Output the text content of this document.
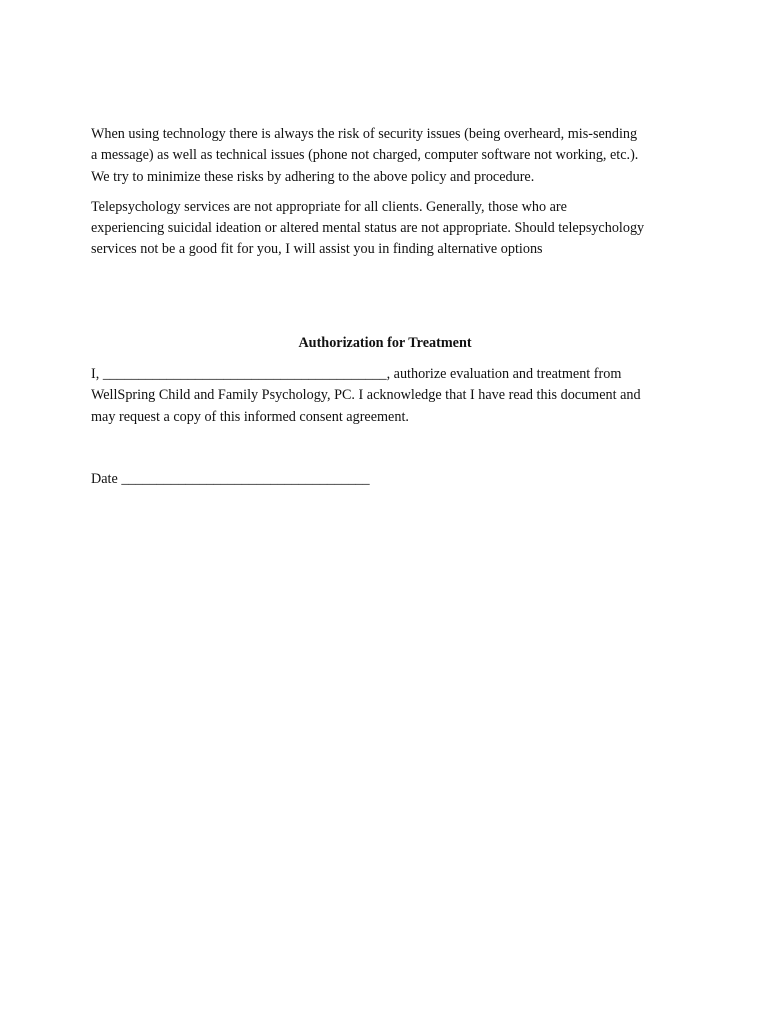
When using technology there is always the risk of security issues (being overheard, mis-sending
a message) as well as technical issues (phone not charged, computer software not working, etc.).
We try to minimize these risks by adhering to the above policy and procedure.

Telepsychology services are not appropriate for all clients. Generally, those who are
experiencing suicidal ideation or altered mental status are not appropriate. Should telepsychology
services not be a good fit for you, I will assist you in finding alternative options

Authorization for Treatment
I, ________________________________________, authorize evaluation and treatment from
WellSpring Child and Family Psychology, PC. I acknowledge that I have read this document and
may request a copy of this informed consent agreement.
Date ___________________________________
